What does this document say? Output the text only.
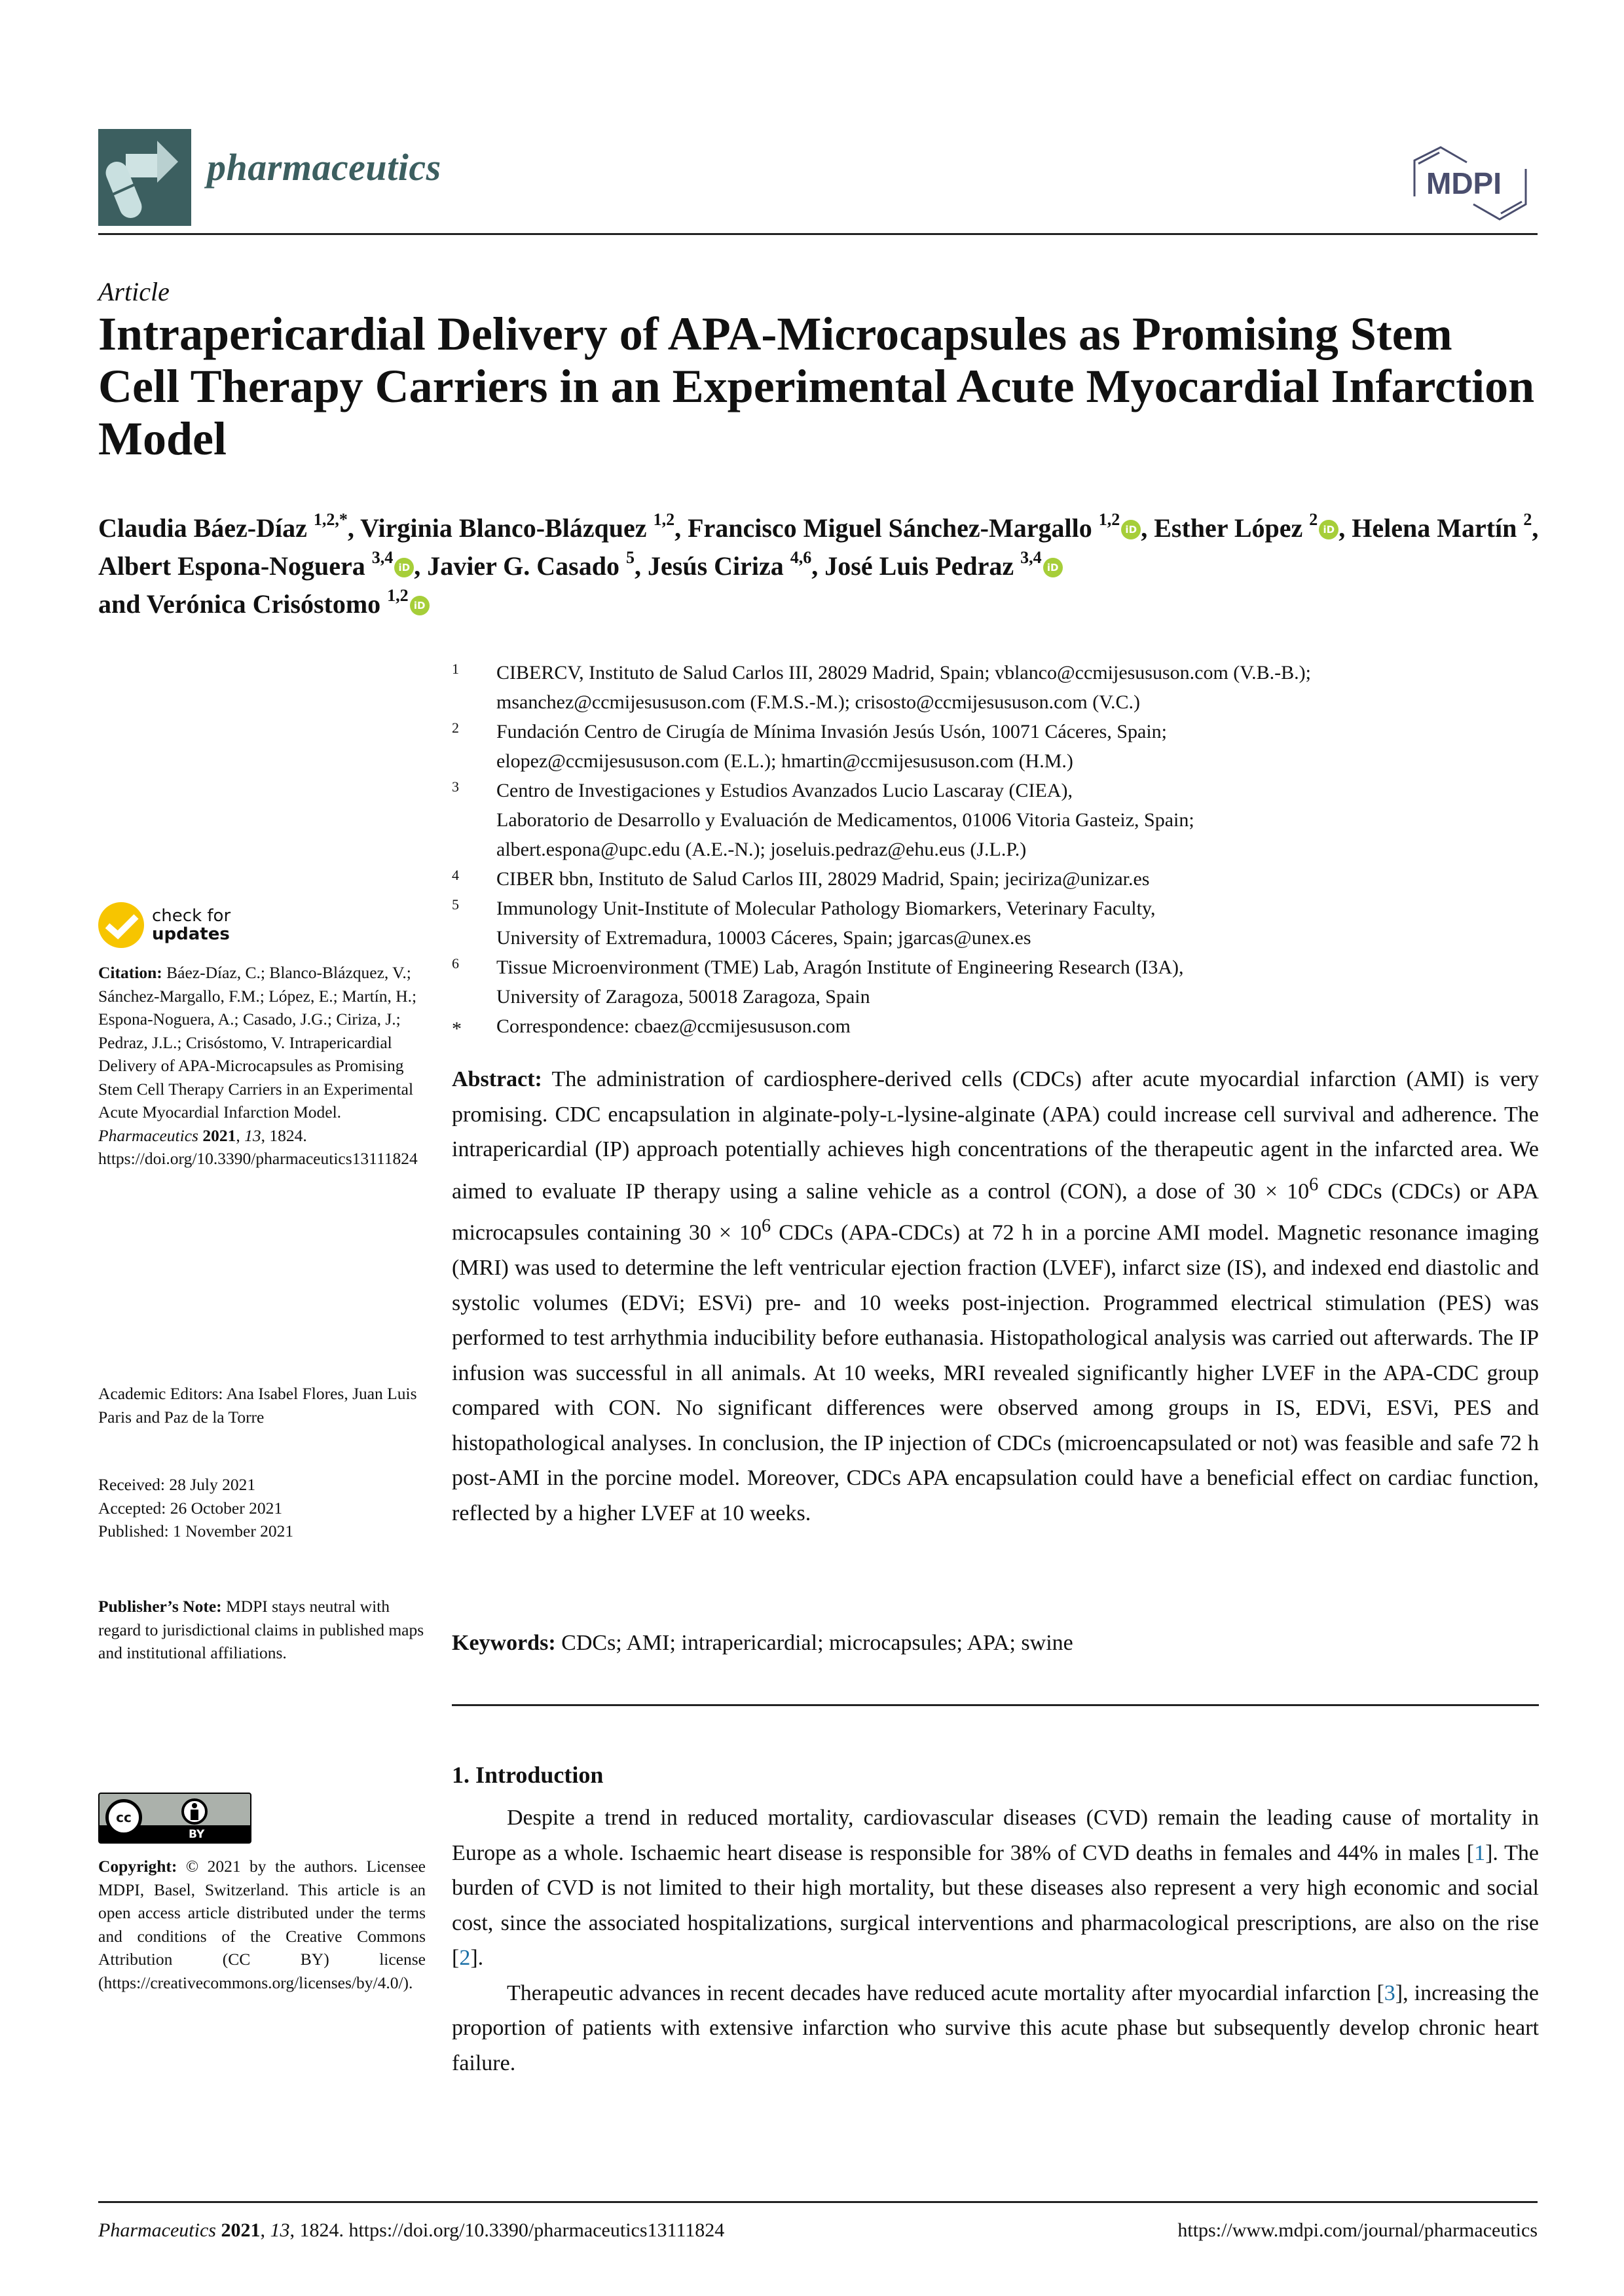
pharmaceutics	MDPI
Article
Intrapericardial Delivery of APA-Microcapsules as Promising Stem Cell Therapy Carriers in an Experimental Acute Myocardial Infarction Model
Claudia Báez-Díaz $^{1,2,*}$, Virginia Blanco-Blázquez $^{1,2}$, Francisco Miguel Sánchez-Margallo $^{1,2}$iD , Esther López $^2$iD , Helena Martín $^2$, Albert Espona-Noguera $^{3,4}$iD , Javier G. Casado $^5$, Jesús Ciriza $^{4,6}$, José Luis Pedraz $^{3,4}$iD
and Verónica Crisóstomo $^{1,2}$iD
1 CIBERCV, Instituto de Salud Carlos III, 28029 Madrid, Spain; vblanco@ccmijesususon.com (V.B.-B.);
msanchez@ccmijesususon.com (F.M.S.-M.); crisosto@ccmijesususon.com (V.C.)
2 Fundación Centro de Cirugía de Mínima Invasión Jesús Usón, 10071 Cáceres, Spain;
elopez@ccmijesususon.com (E.L.); hmartin@ccmijesususon.com (H.M.)
3 Centro de Investigaciones y Estudios Avanzados Lucio Lascaray (CIEA),
Laboratorio de Desarrollo y Evaluación de Medicamentos, 01006 Vitoria Gasteiz, Spain;
albert.espona@upc.edu (A.E.-N.); joseluis.pedraz@ehu.eus (J.L.P.)
4 CIBER bbn, Instituto de Salud Carlos III, 28029 Madrid, Spain; jeciriza@unizar.es
5 Immunology Unit-Institute of Molecular Pathology Biomarkers, Veterinary Faculty,
University of Extremadura, 10003 Cáceres, Spain; jgarcas@unex.es
6 Tissue Microenvironment (TME) Lab, Aragón Institute of Engineering Research (I3A),
University of Zaragoza, 50018 Zaragoza, Spain
* Correspondence: cbaez@ccmijesususon.com
check for
updates
Citation: Báez-Díaz, C.; Blanco-Blázquez, V.; Sánchez-Margallo, F.M.; López, E.; Martín, H.; Espona-Noguera, A.; Casado, J.G.; Ciriza, J.; Pedraz, J.L.; Crisóstomo, V. Intrapericardial Delivery of APA-Microcapsules as Promising Stem Cell Therapy Carriers in an Experimental Acute Myocardial Infarction Model. Pharmaceutics 2021, 13, 1824. https://doi.org/10.3390/pharmaceutics13111824
Academic Editors: Ana Isabel Flores, Juan Luis Paris and Paz de la Torre
Received: 28 July 2021
Accepted: 26 October 2021
Published: 1 November 2021
Publisher’s Note: MDPI stays neutral with regard to jurisdictional claims in published maps and institutional affiliations.
cc
BY
Copyright: © 2021 by the authors. Licensee MDPI, Basel, Switzerland. This article is an open access article distributed under the terms and conditions of the Creative Commons Attribution (CC BY) license (https://creativecommons.org/licenses/by/4.0/).
Abstract: The administration of cardiosphere-derived cells (CDCs) after acute myocardial infarction (AMI) is very promising. CDC encapsulation in alginate-poly-l-lysine-alginate (APA) could increase cell survival and adherence. The intrapericardial (IP) approach potentially achieves high concentrations of the therapeutic agent in the infarcted area. We aimed to evaluate IP therapy using a saline vehicle as a control (CON), a dose of $30 \times 10^6$ CDCs (CDCs) or APA microcapsules containing $30 \times 10^6$ CDCs (APA-CDCs) at 72 h in a porcine AMI model. Magnetic resonance imaging (MRI) was used to determine the left ventricular ejection fraction (LVEF), infarct size (IS), and indexed end diastolic and systolic volumes (EDVi; ESVi) pre- and 10 weeks post-injection. Programmed electrical stimulation (PES) was performed to test arrhythmia inducibility before euthanasia. Histopathological analysis was carried out afterwards. The IP infusion was successful in all animals. At 10 weeks, MRI revealed significantly higher LVEF in the APA-CDC group compared with CON. No significant differences were observed among groups in IS, EDVi, ESVi, PES and histopathological analyses. In conclusion, the IP injection of CDCs (microencapsulated or not) was feasible and safe 72 h post-AMI in the porcine model. Moreover, CDCs APA encapsulation could have a beneficial effect on cardiac function, reflected by a higher LVEF at 10 weeks.
Keywords: CDCs; AMI; intrapericardial; microcapsules; APA; swine
1. Introduction

Despite a trend in reduced mortality, cardiovascular diseases (CVD) remain the leading cause of mortality in Europe as a whole. Ischaemic heart disease is responsible for 38% of CVD deaths in females and 44% in males [1]. The burden of CVD is not limited to their high mortality, but these diseases also represent a very high economic and social cost, since the associated hospitalizations, surgical interventions and pharmacological prescriptions, are also on the rise [2].

Therapeutic advances in recent decades have reduced acute mortality after myocardial infarction [3], increasing the proportion of patients with extensive infarction who survive this acute phase but subsequently develop chronic heart failure.

Pharmaceutics 2021, 13, 1824. https://doi.org/10.3390/pharmaceutics13111824	https://www.mdpi.com/journal/pharmaceutics
